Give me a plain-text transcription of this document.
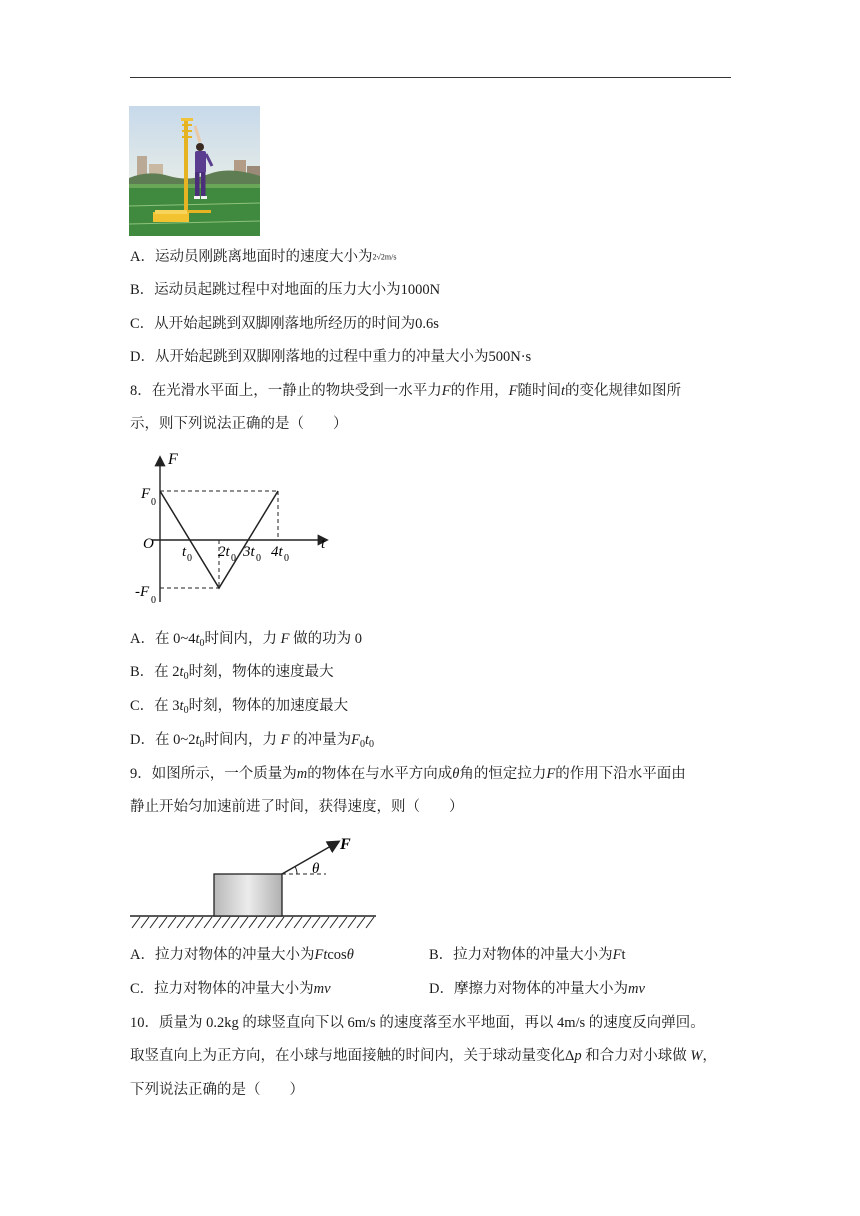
A．运动员刚跳离地面时的速度大小为2√2m/s
B．运动员起跳过程中对地面的压力大小为1000N
C．从开始起跳到双脚刚落地所经历的时间为0.6s
D．从开始起跳到双脚刚落地的过程中重力的冲量大小为500N·s
8．在光滑水平面上，一静止的物块受到一水平力F的作用，F随时间t的变化规律如图所
示，则下列说法正确的是（　　）
F
t
O
F
0
-F
0
t 0 2t 0 3t 0 4t 0
A．在 $0\sim 4t_0$时间内，力 F 做的功为 0
B．在 $2t_0$时刻，物体的速度最大
C．在 $3t_0$时刻，物体的加速度最大
D．在 $0\sim 2t_0$时间内，力 F 的冲量为$F_0t_0$
9．如图所示，一个质量为m的物体在与水平方向成θ角的恒定拉力F的作用下沿水平面由
静止开始匀加速前进了时间，获得速度，则（　　）
F
θ
A．拉力对物体的冲量大小为Ftcosθ	B．拉力对物体的冲量大小为Ft
C．拉力对物体的冲量大小为mv	D．摩擦力对物体的冲量大小为mv
10．质量为 0.2kg 的球竖直向下以 6m/s 的速度落至水平地面，再以 4m/s 的速度反向弹回。
取竖直向上为正方向，在小球与地面接触的时间内，关于球动量变化Δp 和合力对小球做 W，
下列说法正确的是（　　）
